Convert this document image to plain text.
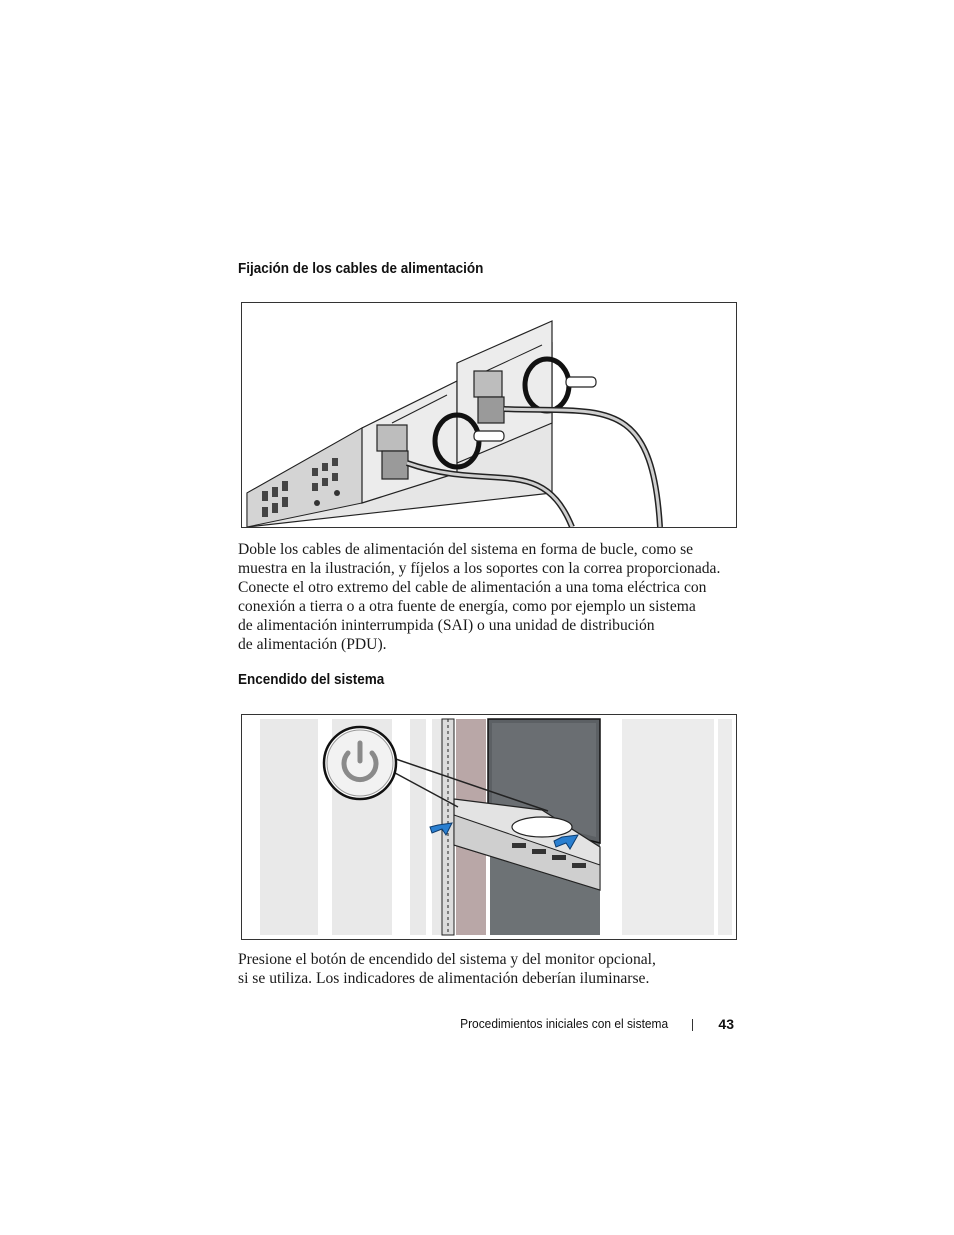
Fijación de los cables de alimentación
Doble los cables de alimentación del sistema en forma de bucle, como se
muestra en la ilustración, y fíjelos a los soportes con la correa proporcionada.
Conecte el otro extremo del cable de alimentación a una toma eléctrica con
conexión a tierra o a otra fuente de energía, como por ejemplo un sistema
de alimentación ininterrumpida (SAI) o una unidad de distribución
de alimentación (PDU).
Encendido del sistema
Presione el botón de encendido del sistema y del monitor opcional,
si se utiliza. Los indicadores de alimentación deberían iluminarse.
Procedimientos iniciales con el sistema	43
